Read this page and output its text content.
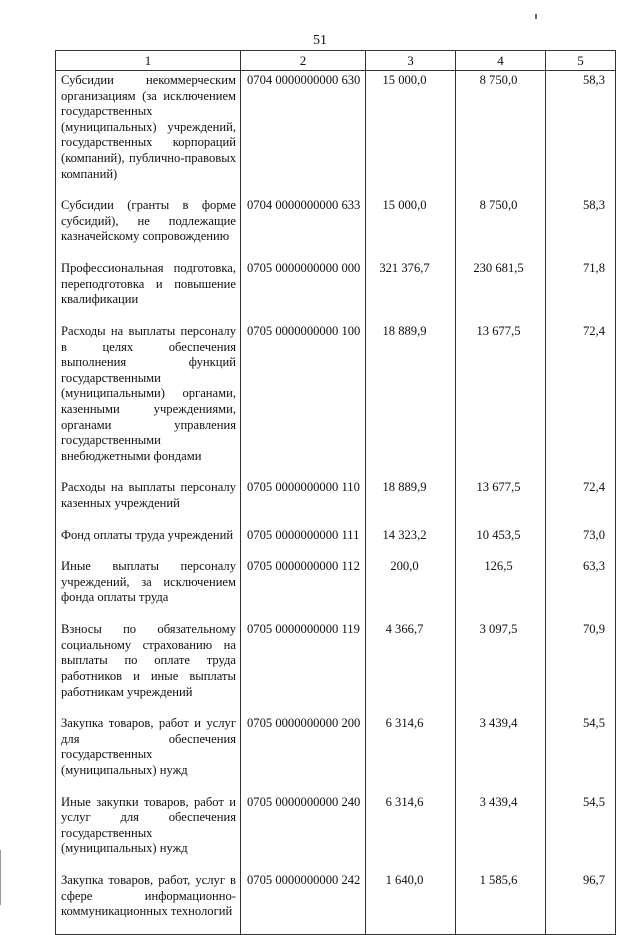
51
1	2	3	4	5
Субсидии некоммерческим организациям (за исключением государственных (муниципальных) учреждений, государственных корпораций (компаний), публично-правовых компаний)	0704 0000000000 630	15 000,0	8 750,0	58,3
Субсидии (гранты в форме субсидий), не подлежащие казначейскому сопровождению	0704 0000000000 633	15 000,0	8 750,0	58,3
Профессиональная подготовка, переподготовка и повышение квалификации	0705 0000000000 000	321 376,7	230 681,5	71,8
Расходы на выплаты персоналу в целях обеспечения выполнения функций государственными (муниципальными) органами, казенными учреждениями, органами управления государственными внебюджетными фондами	0705 0000000000 100	18 889,9	13 677,5	72,4
Расходы на выплаты персоналу казенных учреждений	0705 0000000000 110	18 889,9	13 677,5	72,4
Фонд оплаты труда учреждений	0705 0000000000 111	14 323,2	10 453,5	73,0
Иные выплаты персоналу учреждений, за исключением фонда оплаты труда	0705 0000000000 112	200,0	126,5	63,3
Взносы по обязательному социальному страхованию на выплаты по оплате труда работников и иные выплаты работникам учреждений	0705 0000000000 119	4 366,7	3 097,5	70,9
Закупка товаров, работ и услуг для обеспечения государственных (муниципальных) нужд	0705 0000000000 200	6 314,6	3 439,4	54,5
Иные закупки товаров, работ и услуг для обеспечения государственных (муниципальных) нужд	0705 0000000000 240	6 314,6	3 439,4	54,5
Закупка товаров, работ, услуг в сфере информационно-коммуникационных технологий	0705 0000000000 242	1 640,0	1 585,6	96,7
